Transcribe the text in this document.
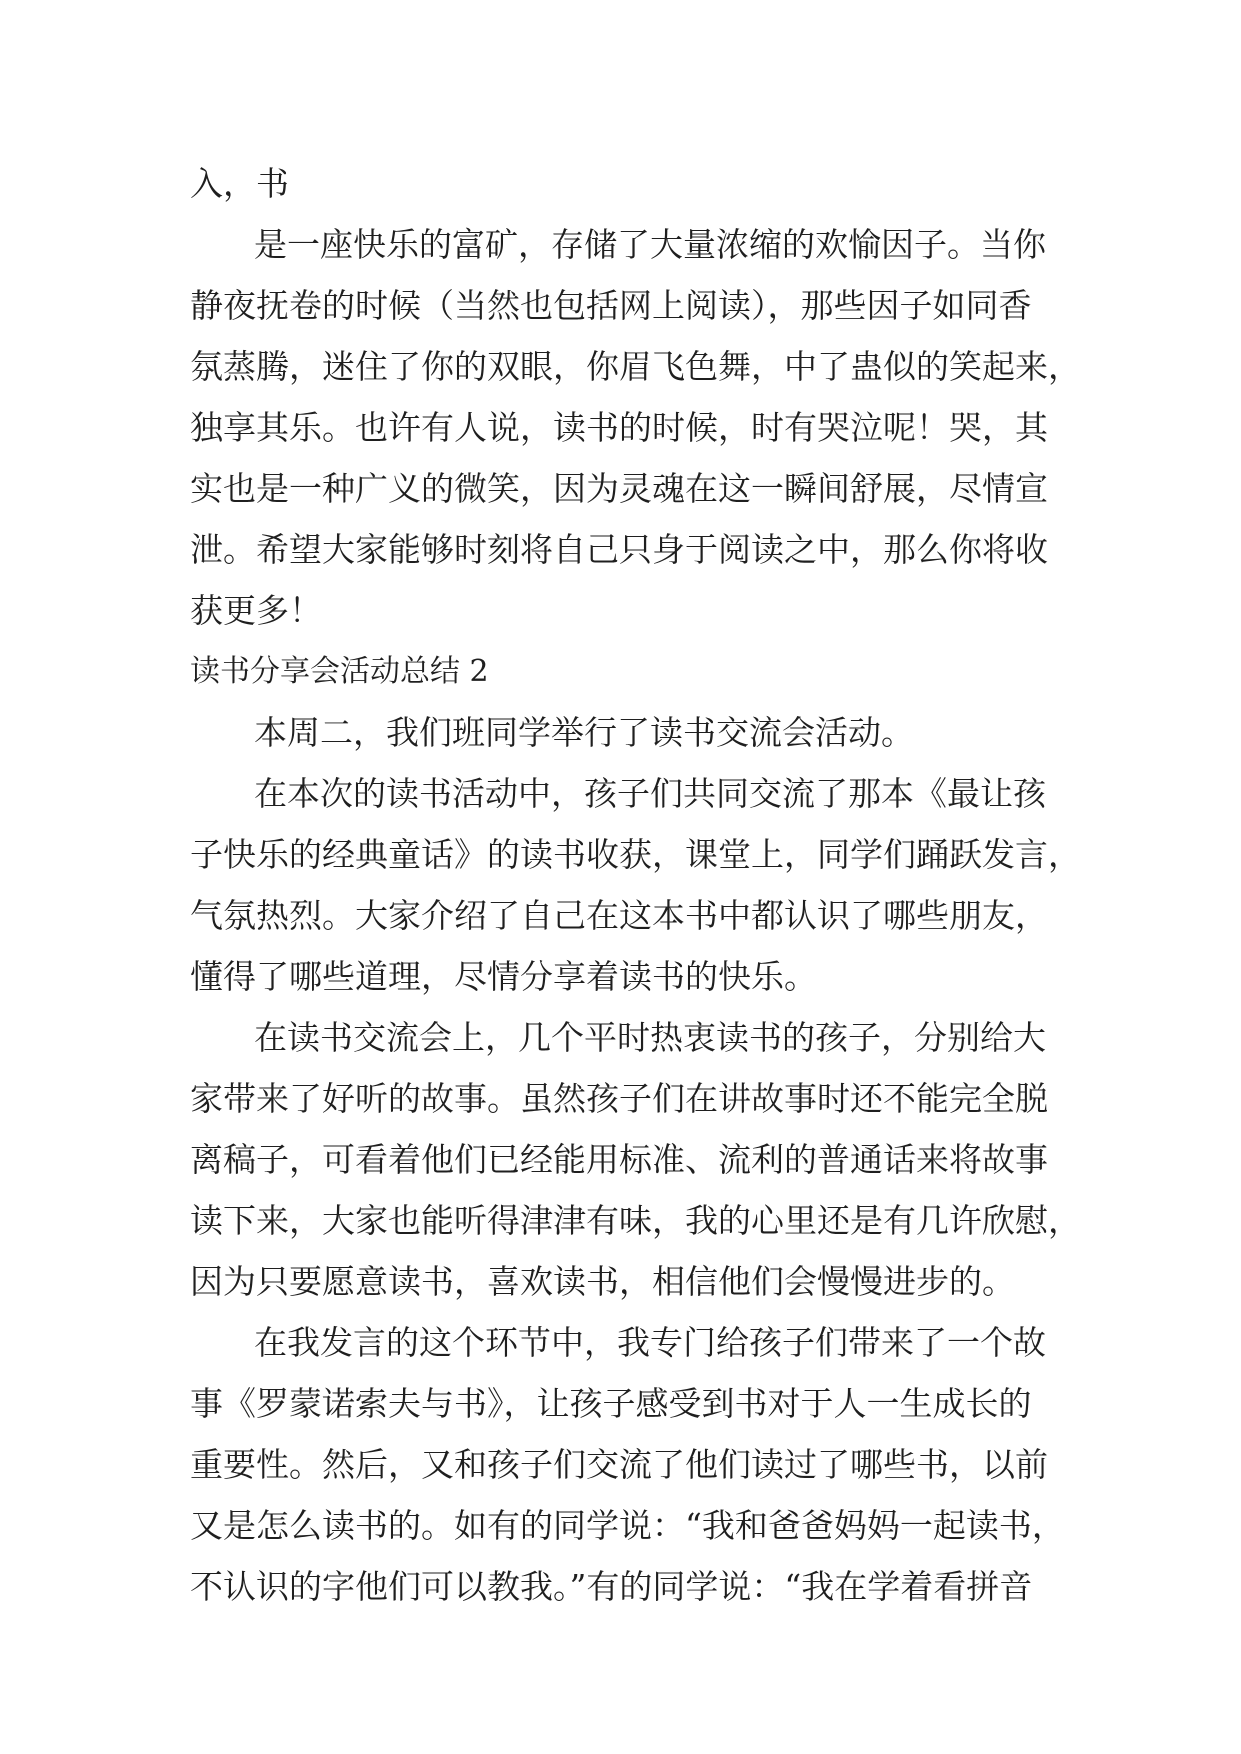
入，书
是一座快乐的富矿，存储了大量浓缩的欢愉因子。当你
静夜抚卷的时候（当然也包括网上阅读），那些因子如同香
氛蒸腾，迷住了你的双眼，你眉飞色舞，中了蛊似的笑起来，
独享其乐。也许有人说，读书的时候，时有哭泣呢！哭，其
实也是一种广义的微笑，因为灵魂在这一瞬间舒展，尽情宣
泄。希望大家能够时刻将自己只身于阅读之中，那么你将收
获更多！
读书分享会活动总结 2
本周二，我们班同学举行了读书交流会活动。
在本次的读书活动中，孩子们共同交流了那本《最让孩
子快乐的经典童话》的读书收获，课堂上，同学们踊跃发言，
气氛热烈。大家介绍了自己在这本书中都认识了哪些朋友，
懂得了哪些道理，尽情分享着读书的快乐。
在读书交流会上，几个平时热衷读书的孩子，分别给大
家带来了好听的故事。虽然孩子们在讲故事时还不能完全脱
离稿子，可看着他们已经能用标准、流利的普通话来将故事
读下来，大家也能听得津津有味，我的心里还是有几许欣慰，
因为只要愿意读书，喜欢读书，相信他们会慢慢进步的。
在我发言的这个环节中，我专门给孩子们带来了一个故
事《罗蒙诺索夫与书》，让孩子感受到书对于人一生成长的
重要性。然后，又和孩子们交流了他们读过了哪些书，以前
又是怎么读书的。如有的同学说：“我和爸爸妈妈一起读书，
不认识的字他们可以教我。”有的同学说：“我在学着看拼音
